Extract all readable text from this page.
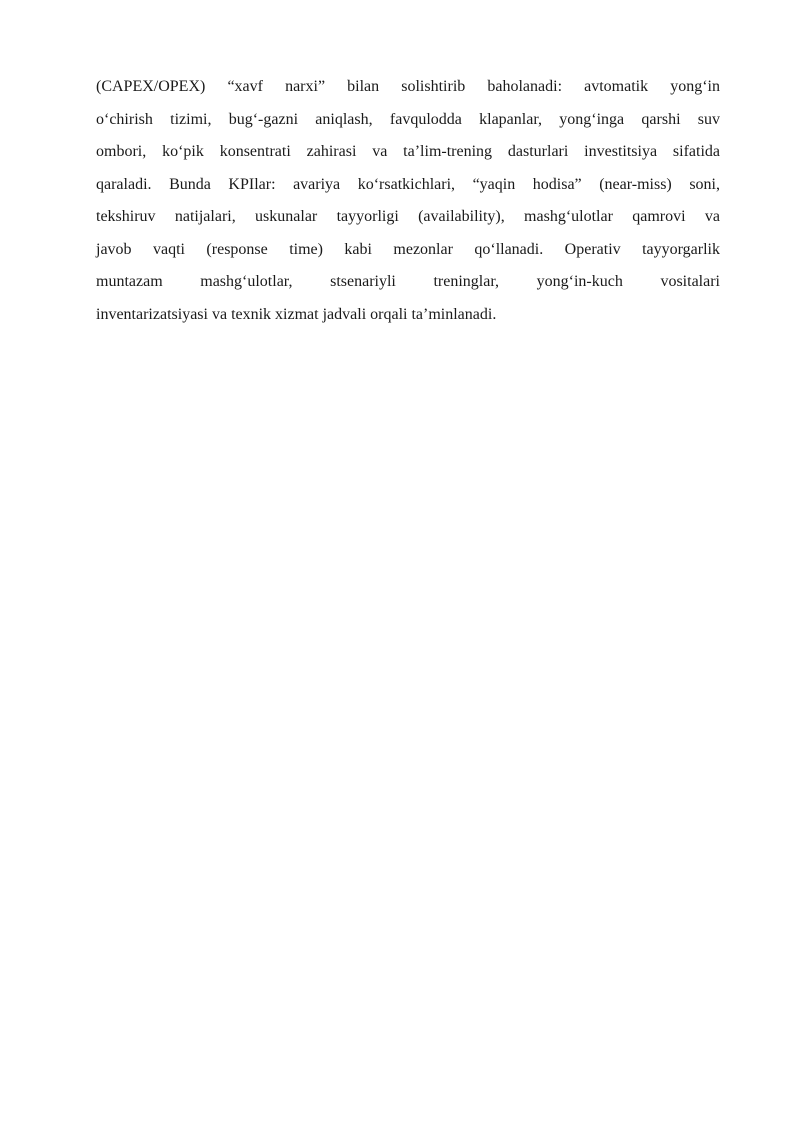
(CAPEX/OPEX) “xavf narxi” bilan solishtirib baholanadi: avtomatik yong‘in
o‘chirish tizimi, bug‘-gazni aniqlash, favqulodda klapanlar, yong‘inga qarshi suv
ombori, ko‘pik konsentrati zahirasi va ta’lim-trening dasturlari investitsiya sifatida
qaraladi. Bunda KPIlar: avariya ko‘rsatkichlari, “yaqin hodisa” (near-miss) soni,
tekshiruv natijalari, uskunalar tayyorligi (availability), mashg‘ulotlar qamrovi va
javob vaqti (response time) kabi mezonlar qo‘llanadi. Operativ tayyorgarlik
muntazam mashg‘ulotlar, stsenariyli treninglar, yong‘in-kuch vositalari
inventarizatsiyasi va texnik xizmat jadvali orqali ta’minlanadi.
